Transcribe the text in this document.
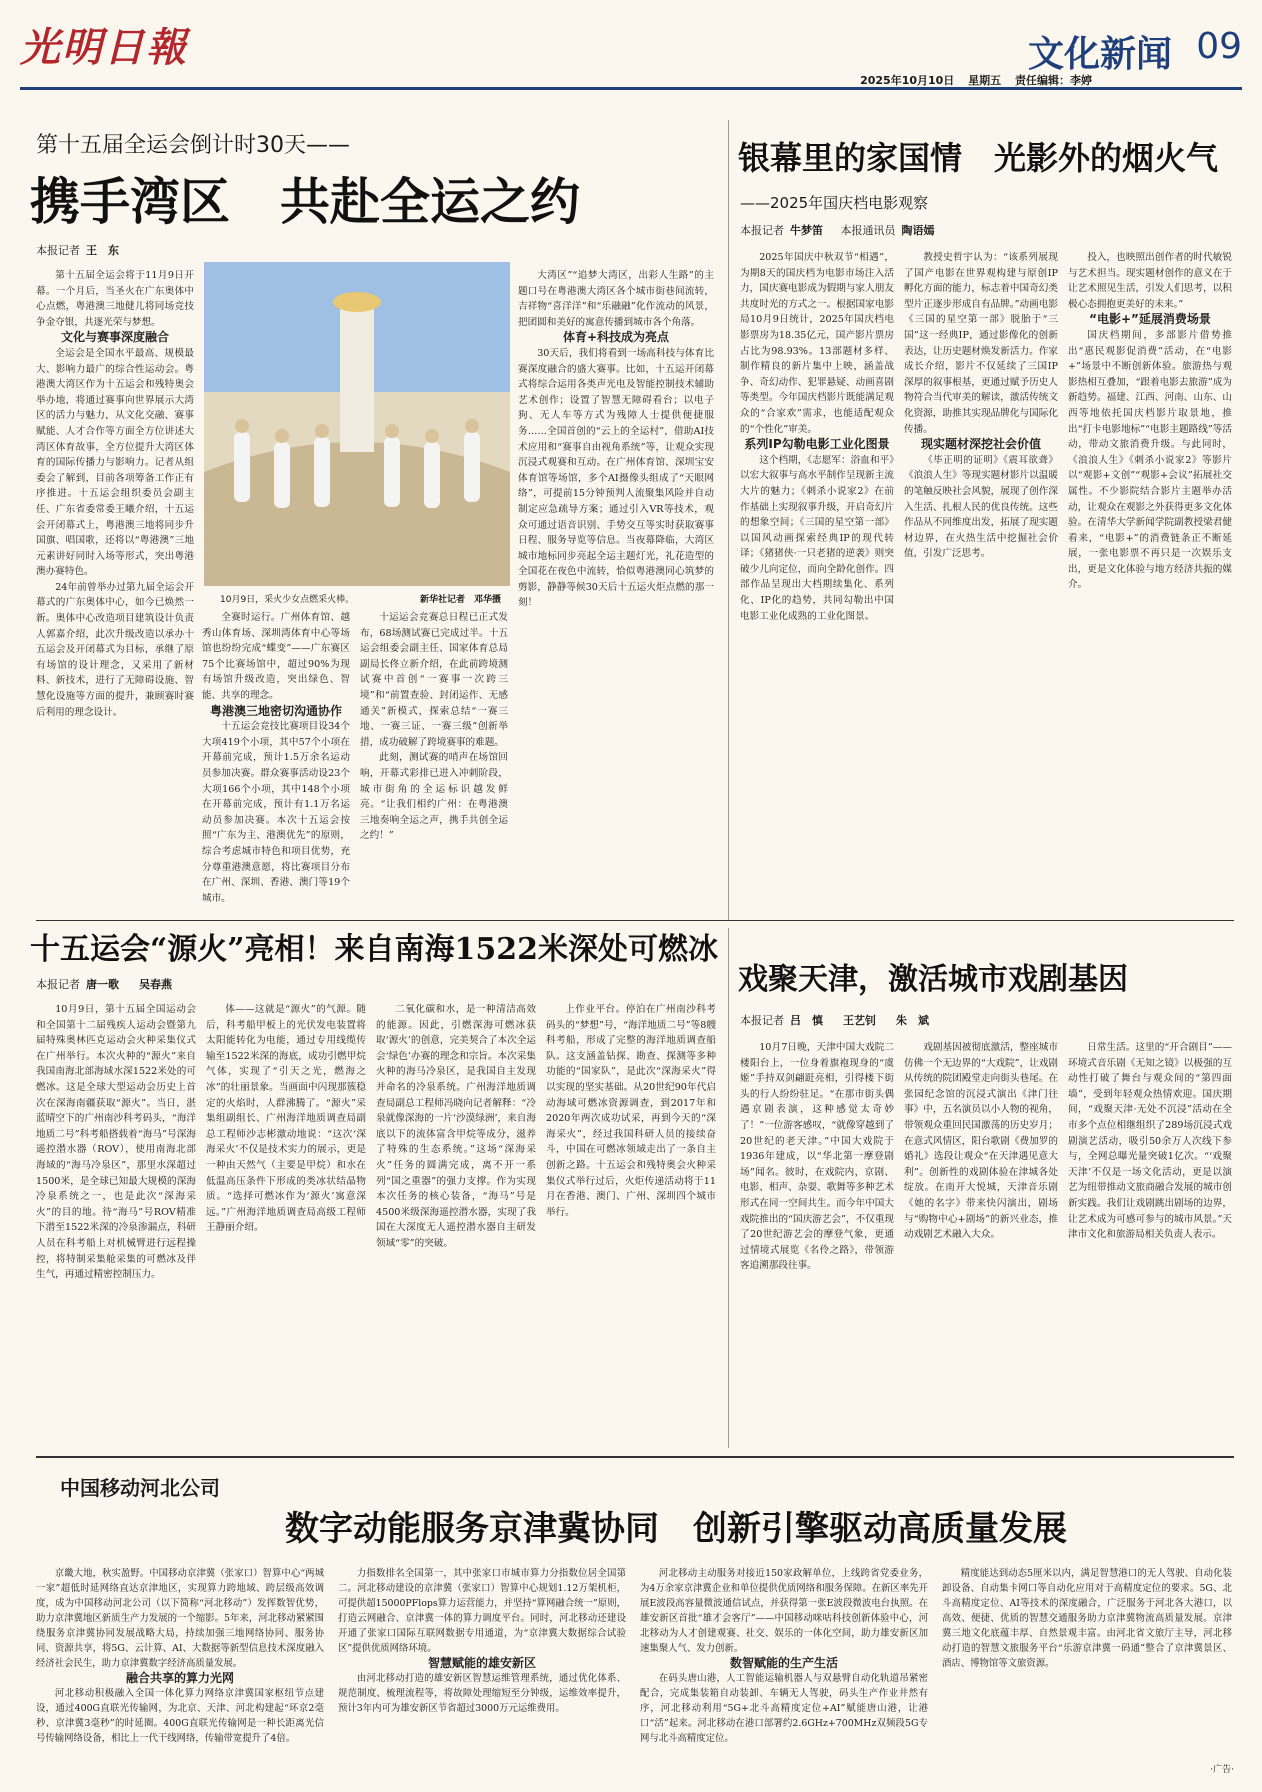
光明日報
2025年10月10日 星期五 责任编辑：李婷
文化新闻 09
第十五届全运会倒计时30天——
携手湾区　共赴全运之约
本报记者 王　东

第十五届全运会将于11月9日开幕。一个月后，当圣火在广东奥体中心点燃，粤港澳三地健儿将同场竞技争金夺银，共逐光荣与梦想。

文化与赛事深度融合

全运会是全国水平最高、规模最大、影响力最广的综合性运动会。粤港澳大湾区作为十五运会和残特奥会举办地，将通过赛事向世界展示大湾区的活力与魅力，从文化交融、赛事赋能、人才合作等方面全方位讲述大湾区体育故事，全方位提升大湾区体育的国际传播力与影响力。记者从组委会了解到，目前各项筹备工作正有序推进。十五运会组织委员会副主任、广东省委常委王曦介绍，十五运会开闭幕式上，粤港澳三地将同步升国旗、唱国歌，还将以“粤港澳”三地元素讲好同时入场等形式，突出粤港澳办赛特色。

24年前曾举办过第九届全运会开幕式的广东奥体中心，如今已焕然一新。奥体中心改造项目建筑设计负责人郭嘉介绍，此次升级改造以承办十五运会及开闭幕式为目标，承继了原有场馆的设计理念，又采用了新材料、新技术，进行了无障碍设施、智慧化设施等方面的提升，兼顾赛时赛后利用的理念设计。

10月9日，采火少女点燃采火棒。	新华社记者　邓华摄

全赛时运行。广州体育馆、越秀山体育场、深圳湾体育中心等场馆也纷纷完成“蝶变”——广东赛区75个比赛场馆中，超过90%为现有场馆升级改造，突出绿色、智能、共享的理念。

粤港澳三地密切沟通协作

十五运会竞技比赛项目设34个大项419个小项，其中57个小项在开幕前完成，预计1.5万余名运动员参加决赛。群众赛事活动设23个大项166个小项，其中148个小项在开幕前完成，预计有1.1万名运动员参加决赛。本次十五运会按照“广东为主、港澳优先”的原则，综合考虑城市特色和项目优势，充分尊重港澳意愿，将比赛项目分布在广州、深圳、香港、澳门等19个城市。

十运运会竞赛总日程已正式发布，68场测试赛已完成过半。十五运会组委会副主任、国家体育总局副局长佟立新介绍，在此前跨境测试赛中首创“一赛事一次跨三境”和“前置查验、封闭运作、无感通关”新模式，探索总结“一赛三地、一赛三证、一赛三级”创新举措，成功破解了跨境赛事的难题。

此刻，测试赛的哨声在场馆回响，开幕式彩排已进入冲刺阶段，城市街角的全运标识越发鲜亮。“让我们相约广州：在粤港澳三地奏响全运之声，携手共创全运之约！”

大湾区”“追梦大湾区，出彩人生路”的主题口号在粤港澳大湾区各个城市街巷间流转，吉祥物“喜洋洋”和“乐融融”化作流动的风景，把团圆和美好的寓意传播到城市各个角落。

体育+科技成为亮点

30天后，我们将看到一场高科技与体育比赛深度融合的盛大赛事。比如，十五运开闭幕式将综合运用各类声光电及智能控制技术辅助艺术创作；设置了智慧无障碍看台；以电子狗、无人车等方式为残障人士提供便捷服务……全国首创的“云上的全运村”，借助AI技术应用和“赛事自由视角系统”等，让观众实现沉浸式观赛和互动。在广州体育馆、深圳宝安体育馆等场馆，多个AI摄像头组成了“天眼网络”，可提前15分钟预判人流聚集风险并自动制定应急疏导方案；通过引入VR等技术，观众可通过语音识别、手势交互等实时获取赛事日程、服务导览等信息。当夜幕降临，大湾区城市地标同步亮起全运主题灯光，礼花造型的全国花在夜色中流转，恰似粤港澳同心筑梦的剪影，静静等候30天后十五运火炬点燃的那一刻！

银幕里的家国情　光影外的烟火气
——2025年国庆档电影观察
本报记者 牛梦笛 本报通讯员 陶语嫣

2025年国庆中秋双节“相遇”，为期8天的国庆档为电影市场注入活力，国庆赛电影成为假期与家人朋友共度时光的方式之一。根据国家电影局10月9日统计，2025年国庆档电影票房为18.35亿元，国产影片票房占比为98.93%。13部题材多样、制作精良的新片集中上映，涵盖战争、奇幻动作、犯罪悬疑、动画喜剧等类型。今年国庆档影片既能满足观众的“合家欢”需求，也能适配观众的“个性化”审美。

系列IP勾勒电影工业化图景

这个档期，《志愿军：浴血和平》以宏大叙事与高水平制作呈现新主流大片的魅力；《刺杀小说家2》在前作基础上实现叙事升级，开启奇幻片的想象空间；《三国的星空第一部》以国风动画探索经典IP的现代转译；《猪猪侠·一只老猪的逆袭》则突破少儿向定位，而向全龄化创作。四部作品呈现出大档期续集化、系列化、IP化的趋势，共同勾勒出中国电影工业化成熟的工业化图景。

教授史哲宇认为：“该系列展现了国产电影在世界观构建与原创IP孵化方面的能力，标志着中国奇幻类型片正逐步形成自有品牌。”动画电影《三国的星空第一部》脱胎于“三国”这一经典IP，通过影像化的创新表达，让历史题材焕发新活力。作家成长介绍，影片不仅延续了三国IP深厚的叙事根基，更通过赋予历史人物符合当代审美的解读，激活传统文化资源，助推其实现品牌化与国际化传播。

现实题材深挖社会价值

《毕正明的证明》《震耳欲聋》《浪浪人生》等现实题材影片以温暖的笔触反映社会风貌，展现了创作深入生活、扎根人民的优良传统。这些作品从不同维度出发，拓展了现实题材边界，在火热生活中挖掘社会价值，引发广泛思考。

投入，也映照出创作者的时代敏锐与艺术担当。现实题材创作的意义在于让艺术照见生活，引发人们思考，以积极心态拥抱更美好的未来。”

“电影+”延展消费场景

国庆档期间，多部影片借势推出“惠民观影促消费”活动，在“电影+”场景中不断创新体验。旅游热与观影热相互叠加，“跟着电影去旅游”成为新趋势。福建、江西、河南、山东、山西等地依托国庆档影片取景地，推出“打卡电影地标”“电影主题路线”等活动，带动文旅消费升级。与此同时，《浪浪人生》《刺杀小说家2》等影片以“观影+文创”“观影+会议”拓展社交属性。不少影院结合影片主题举办活动，让观众在观影之外获得更多文化体验。在清华大学新闻学院副教授梁君健看来，“电影+”的消费链条正不断延展，一张电影票不再只是一次娱乐支出，更是文化体验与地方经济共振的媒介。

十五运会“源火”亮相！来自南海1522米深处可燃冰
本报记者 唐一歌 吴春燕

10月9日，第十五届全国运动会和全国第十二届残疾人运动会暨第九届特殊奥林匹克运动会火种采集仪式在广州举行。本次火种的“源火”来自我国南海北部海域水深1522米处的可燃冰。这是全球大型运动会历史上首次在深海南疆获取“源火”。当日，湛蓝晴空下的广州南沙科考码头，“海洋地质二号”科考船搭载着“海马”号深海遥控潜水器（ROV），使用南海北部海域的“海马冷泉区”，那里水深超过1500米，是全球已知最大规模的深海冷泉系统之一，也是此次“深海采火”的目的地。待“海马”号ROV精准下潜至1522米深的冷泉渗漏点，科研人员在科考船上对机械臂进行远程操控，将特制采集舱采集的可燃冰及伴生气，再通过精密控制压力。

体——这就是“源火”的气源。随后，科考船甲板上的光伏发电装置将太阳能转化为电能，通过专用线缆传输至1522米深的海底，成功引燃甲烷气体，实现了“引天之光，燃海之冰”的壮丽景象。当画面中闪现那簇稳定的火焰时，人群沸腾了。“源火”采集组副组长、广州海洋地质调查局副总工程师沙志彬激动地说：“这次‘深海采火’不仅是技术实力的展示，更是一种由天然气（主要是甲烷）和水在低温高压条件下形成的类冰状结晶物质。“选择可燃冰作为‘源火’寓意深远。”广州海洋地质调查局高级工程师王静丽介绍。

二氧化碳和水，是一种清洁高效的能源。因此，引燃深海可燃冰获取‘源火’的创意，完美契合了本次全运会‘绿色’办赛的理念和宗旨。本次采集火种的海马冷泉区，是我国自主发现并命名的冷泉系统。广州海洋地质调查局副总工程师冯晓向记者解释：“冷泉就像深海的一片‘沙漠绿洲’，来自海底以下的流体富含甲烷等成分，滋养了特殊的生态系统。”这场“深海采火”任务的圆满完成，离不开一系列“国之重器”的强力支撑。作为实现本次任务的核心装备，“海马”号是4500米级深海遥控潜水器，实现了我国在大深度无人遥控潜水器自主研发领域“零”的突破。

上作业平台。停泊在广州南沙科考码头的“梦想”号，“海洋地质二号”等8艘科考船，形成了完整的海洋地质调查船队。这支涵盖钻探、勘查、探测等多种功能的“国家队”，是此次“深海采火”得以实现的坚实基础。从20世纪90年代启动海域可燃冰资源调查，到2017年和2020年两次成功试采，再到今天的“深海采火”，经过我国科研人员的接续奋斗，中国在可燃冰领域走出了一条自主创新之路。十五运会和残特奥会火种采集仪式举行过后，火炬传递活动将于11月在香港、澳门、广州、深圳四个城市举行。

戏聚天津，激活城市戏剧基因
本报记者 吕　慎 王艺钊 朱　斌

10月7日晚，天津中国大戏院二楼阳台上，一位身着旗袍现身的“虞姬”手持双剑翩跹亮相，引得楼下街头的行人纷纷驻足。“在那市街头偶遇京剧表演，这种感觉太奇妙了！”一位游客感叹，“就像穿越到了20世纪的老天津。”中国大戏院于1936年建成，以“华北第一摩登剧场”闻名。彼时，在戏院内，京剧、电影、相声、杂耍、歌舞等多种艺术形式在同一空间共生。而今年中国大戏院推出的“国庆游艺会”，不仅重现了20世纪游艺会的摩登气象，更通过情境式展览《名伶之路》，带领游客追溯那段往事。

戏剧基因被彻底激活，整座城市仿佛一个无边界的“大戏院”，让戏剧从传统的院团殿堂走向街头巷尾。在张园纪念馆的沉浸式演出《津门往事》中，五名演员以小人物的视角，带领观众重回民国激荡的历史岁月；在意式风情区，阳台歌剧《费加罗的婚礼》选段让观众“在天津遇见意大利”。创新性的戏剧体验在津城各处绽放。在南开大悦城，天津音乐剧《她的名字》带来快闪演出，剧场与“购物中心+剧场”的新兴业态，推动戏剧艺术融入大众。

日常生活。这里的“开合剧目”——环境式音乐剧《无知之镜》以极强的互动性打破了舞台与观众间的“第四面墙”，受到年轻观众热情欢迎。国庆期间，“戏聚天津·无处不沉浸”活动在全市多个点位相继组织了289场沉浸式戏剧演艺活动，吸引50余万人次线下参与，全网总曝光量突破1亿次。“‘戏聚天津’不仅是一场文化活动，更是以演艺为纽带推动文旅商融合发展的城市创新实践。我们让戏剧跳出剧场的边界，让艺术成为可感可参与的城市风景。”天津市文化和旅游局相关负责人表示。

中国移动河北公司
数字动能服务京津冀协同　创新引擎驱动高质量发展

京畿大地，秋实盈野。中国移动京津冀（张家口）智算中心“两城一家”超低时延网络直达京津地区，实现算力跨地域、跨层级高效调度，成为中国移动河北公司（以下简称“河北移动”）发挥数智优势，助力京津冀地区新质生产力发展的一个缩影。5年来，河北移动紧紧围绕服务京津冀协同发展战略大局，持续加强三地网络协同、服务协同、资源共享，将5G、云计算、AI、大数据等新型信息技术深度融入经济社会民生，助力京津冀数字经济高质量发展。

融合共享的算力光网

河北移动积极融入全国一体化算力网络京津冀国家枢纽节点建设，通过400G直联光传输网，为北京、天津、河北构建起“环京2毫秒、京津冀3毫秒”的时延圈。400G直联光传输网是一种长距离光信号传输网络设备，相比上一代干线网络，传输带宽提升了4倍。

力指数排名全国第一，其中张家口市城市算力分指数位居全国第二。河北移动建设的京津冀（张家口）智算中心规划1.12万架机柜，可提供超15000PFlops算力运营能力，并坚持“算网融合统一”原则，打造云网融合、京津冀一体的算力调度平台。同时，河北移动还建设开通了张家口国际互联网数据专用通道，为“京津冀大数据综合试验区”提供优质网络环境。

智慧赋能的雄安新区

由河北移动打造的雄安新区智慧运维管理系统，通过优化体系、规范制度、梳理流程等，将故障处理缩短至分钟级，运维效率提升，预计3年内可为雄安新区节省超过3000万元运维费用。

河北移动主动服务对接近150家政解单位，上线跨省党委业务，为4万余家京津冀企业和单位提供优质网络和服务保障。在新区率先开展E波段高容量微波通信试点，并获得第一张E波段微波电台执照。在雄安新区首批“雄才会客厅”——中国移动咪咕科技创新体验中心，河北移动为人才创建观赛、社交、娱乐的一体化空间，助力雄安新区加速集聚人气、发力创新。

数智赋能的生产生活

在码头唐山港，人工智能运输机器人与双悬臂自动化轨道吊紧密配合，完成集装箱自动装卸、车辆无人驾驶，码头生产作业井然有序，河北移动利用“5G+北斗高精度定位+AI”赋能唐山港，让港口“活”起来。河北移动在港口部署约2.6GHz+700MHz双频段5G专网与北斗高精度定位。

精度能达到动态5厘米以内，满足智慧港口的无人驾驶、自动化装卸设备、自动集卡网口等自动化应用对于高精度定位的要求。5G、北斗高精度定位、AI等技术的深度融合，广泛服务于河北各大港口，以高效、便捷、优质的智慧交通服务助力京津冀物流高质量发展。京津冀三地文化底蕴丰厚、自然景观丰富。由河北省文旅厅主导，河北移动打造的智慧文旅服务平台“乐游京津冀一码通”整合了京津冀景区、酒店、博物馆等文旅资源。

·广告·
